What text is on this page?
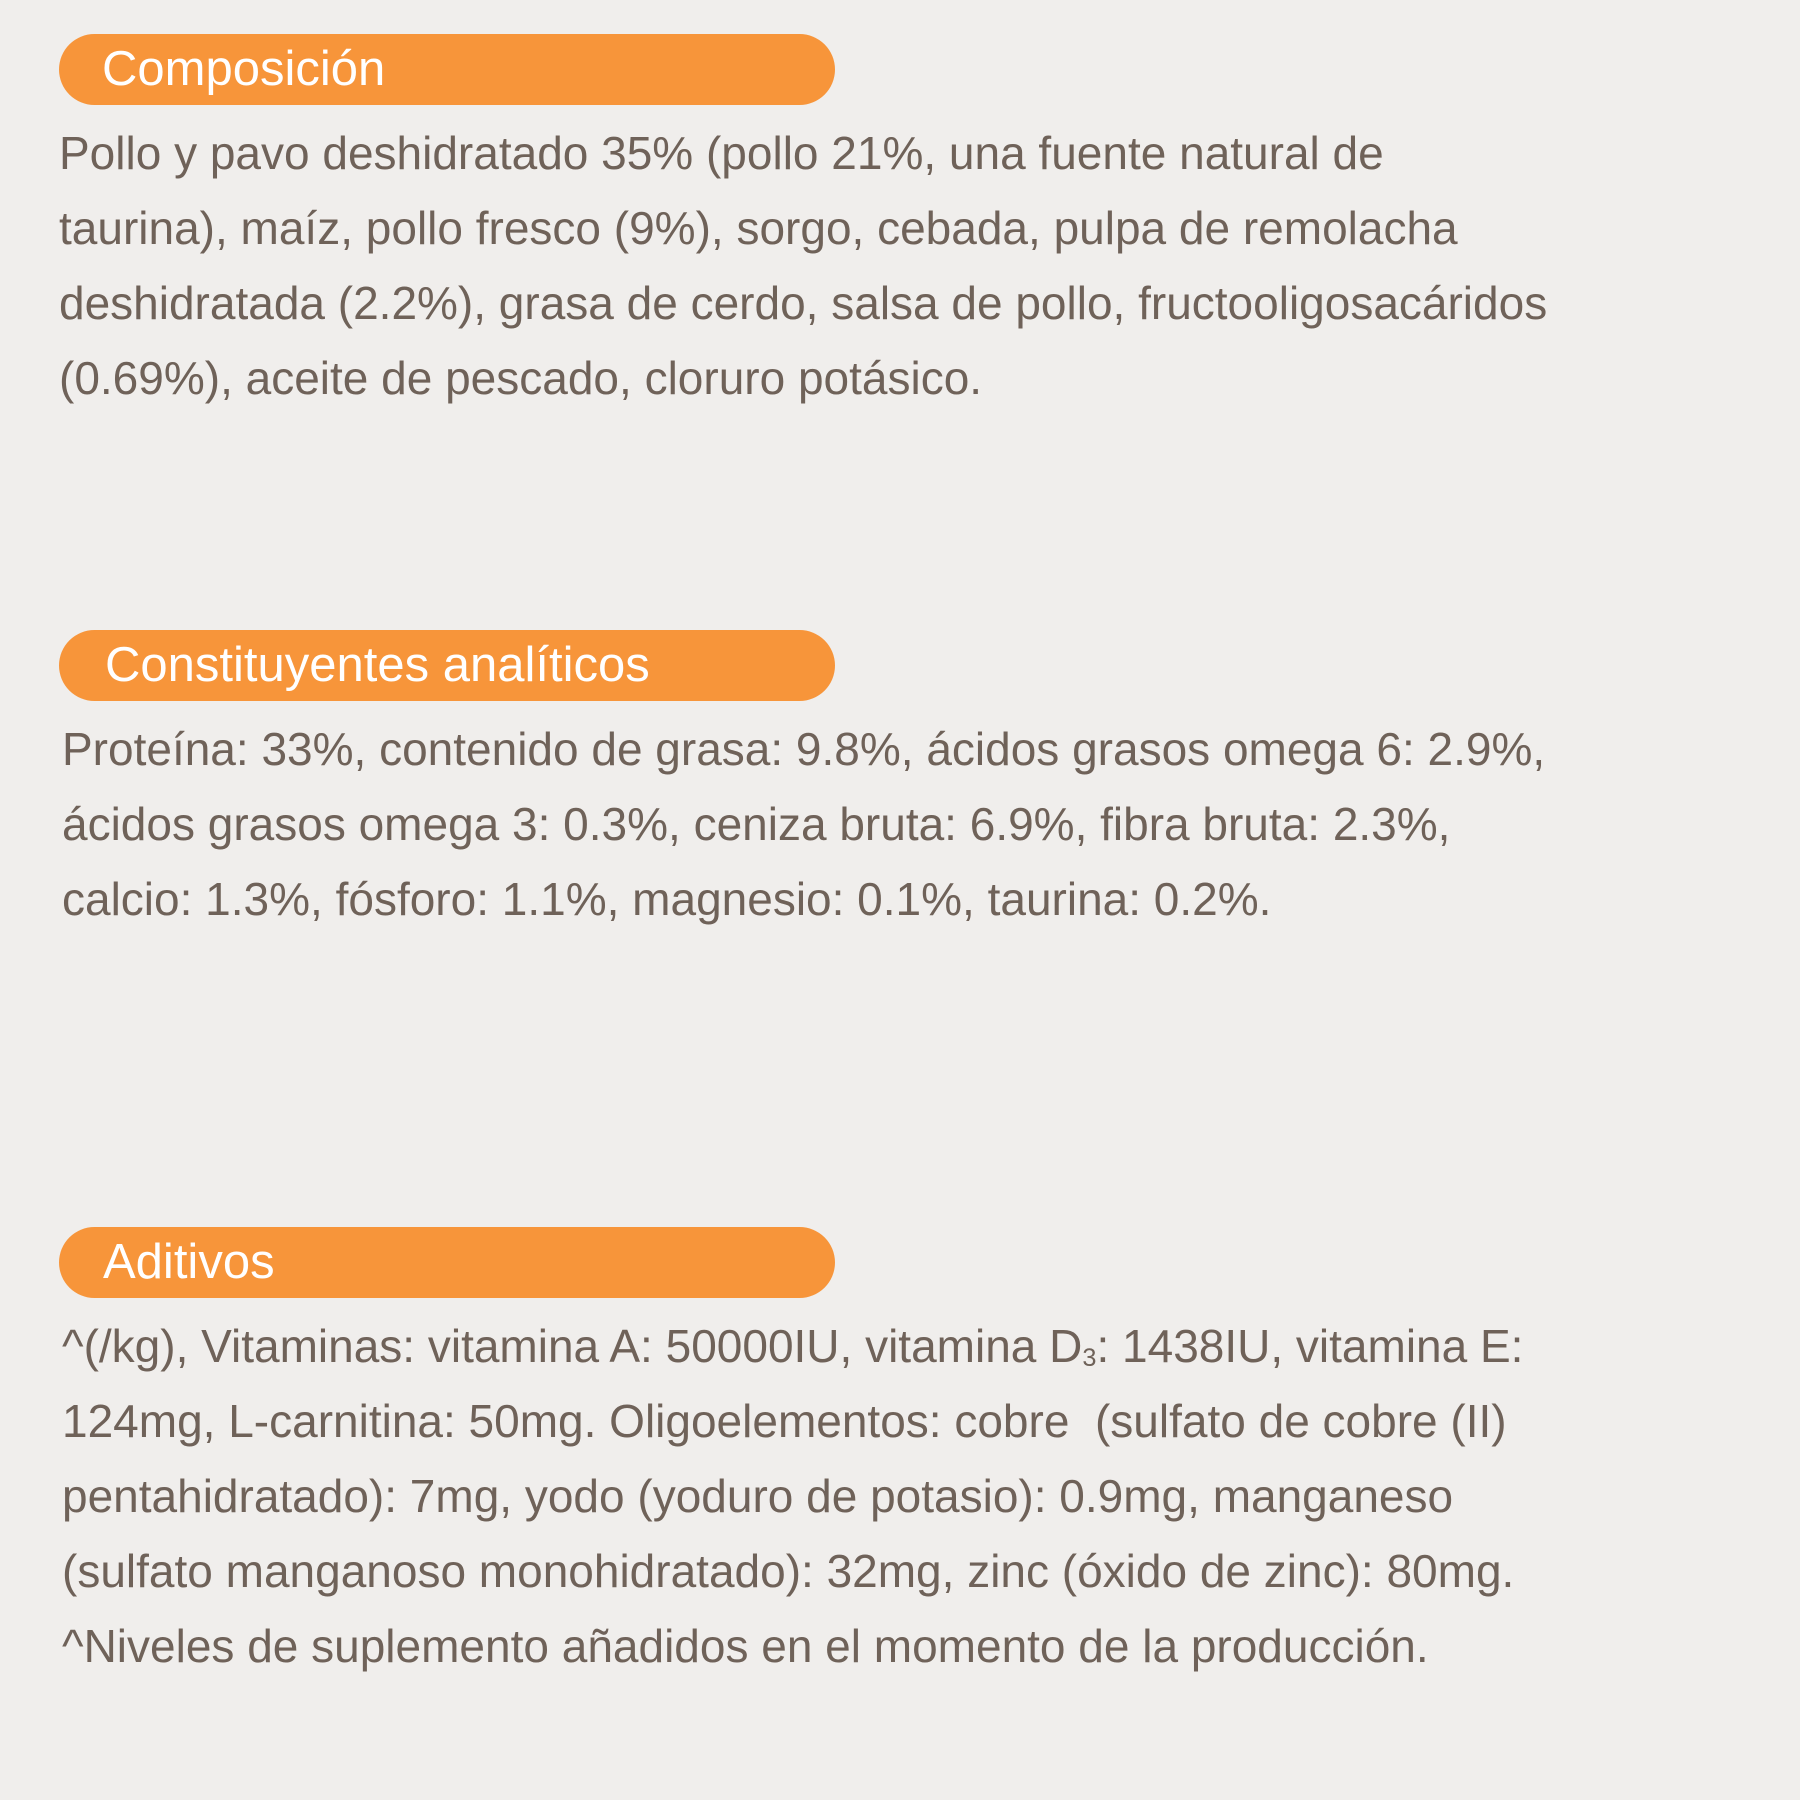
Composición
Pollo y pavo deshidratado 35% (pollo 21%, una fuente natural de
taurina), maíz, pollo fresco (9%), sorgo, cebada, pulpa de remolacha
deshidratada (2.2%), grasa de cerdo, salsa de pollo, fructooligosacáridos
(0.69%), aceite de pescado, cloruro potásico.
Constituyentes analíticos
Proteína: 33%, contenido de grasa: 9.8%, ácidos grasos omega 6: 2.9%,
ácidos grasos omega 3: 0.3%, ceniza bruta: 6.9%, fibra bruta: 2.3%,
calcio: 1.3%, fósforo: 1.1%, magnesio: 0.1%, taurina: 0.2%.
Aditivos
^(/kg), Vitaminas: vitamina A: 50000IU, vitamina $D_3$: 1438IU, vitamina E:
124mg, L-carnitina: 50mg. Oligoelementos: cobre  (sulfato de cobre (II)
pentahidratado): 7mg, yodo (yoduro de potasio): 0.9mg, manganeso
(sulfato manganoso monohidratado): 32mg, zinc (óxido de zinc): 80mg.
^Niveles de suplemento añadidos en el momento de la producción.
